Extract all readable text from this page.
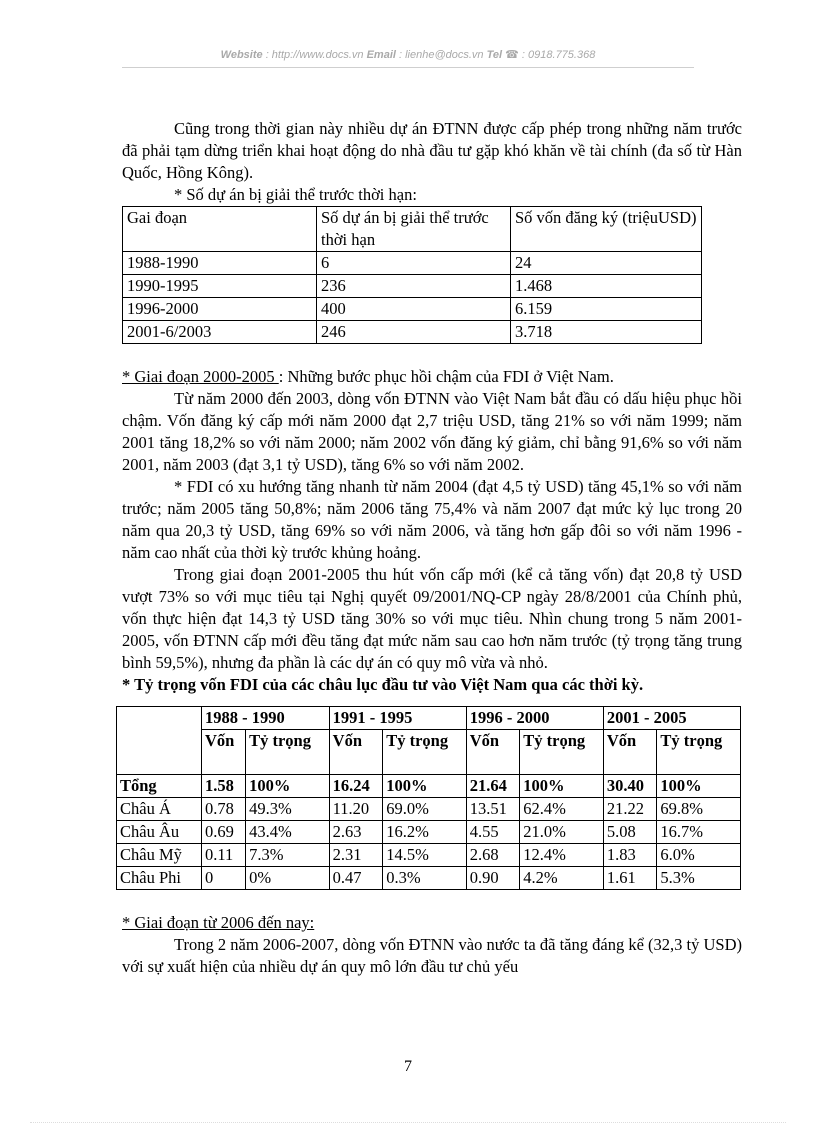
Website : http://www.docs.vn Email : lienhe@docs.vn Tel ☎ : 0918.775.368

Cũng trong thời gian này nhiều dự án ĐTNN được cấp phép trong những năm trước đã phải tạm dừng triển khai hoạt động do nhà đầu tư gặp khó khăn về tài chính (đa số từ Hàn Quốc, Hồng Kông).

* Số dự án bị giải thể trước thời hạn:

Gai đoạn	Số dự án bị giải thể trước thời hạn	Số vốn đăng ký (triệuUSD)
1988-1990	6	24
1990-1995	236	1.468
1996-2000	400	6.159
2001-6/2003	246	3.718

* Giai đoạn 2000-2005 : Những bước phục hồi chậm của FDI ở Việt Nam.

Từ năm 2000 đến 2003, dòng vốn ĐTNN vào Việt Nam bắt đầu có dấu hiệu phục hồi chậm. Vốn đăng ký cấp mới năm 2000 đạt 2,7 triệu USD, tăng 21% so với năm 1999; năm 2001 tăng 18,2% so với năm 2000; năm 2002 vốn đăng ký giảm, chỉ bằng 91,6% so với năm 2001, năm 2003 (đạt 3,1 tỷ USD), tăng 6% so với năm 2002.

* FDI có xu hướng tăng nhanh từ năm 2004 (đạt 4,5 tỷ USD) tăng 45,1% so với năm trước; năm 2005 tăng 50,8%; năm 2006 tăng 75,4% và năm 2007 đạt mức kỷ lục trong 20 năm qua 20,3 tỷ USD, tăng 69% so với năm 2006, và tăng hơn gấp đôi so với năm 1996 - năm cao nhất của thời kỳ trước khủng hoảng.

Trong giai đoạn 2001-2005 thu hút vốn cấp mới (kể cả tăng vốn) đạt 20,8 tỷ USD vượt 73% so với mục tiêu tại Nghị quyết 09/2001/NQ-CP ngày 28/8/2001 của Chính phủ, vốn thực hiện đạt 14,3 tỷ USD tăng 30% so với mục tiêu. Nhìn chung trong 5 năm 2001-2005, vốn ĐTNN cấp mới đều tăng đạt mức năm sau cao hơn năm trước (tỷ trọng tăng trung bình 59,5%), nhưng đa phần là các dự án có quy mô vừa và nhỏ.

* Tỷ trọng vốn FDI của các châu lục đầu tư vào Việt Nam qua các thời kỳ.

	1988 - 1990		1991 - 1995		1996 - 2000		2001 - 2005	
	Vốn	Tỷ trọng	Vốn	Tỷ trọng	Vốn	Tỷ trọng	Vốn	Tỷ trọng
Tổng	1.58	100%	16.24	100%	21.64	100%	30.40	100%
Châu Á	0.78	49.3%	11.20	69.0%	13.51	62.4%	21.22	69.8%
Châu Âu	0.69	43.4%	2.63	16.2%	4.55	21.0%	5.08	16.7%
Châu Mỹ	0.11	7.3%	2.31	14.5%	2.68	12.4%	1.83	6.0%
Châu Phi	0	0%	0.47	0.3%	0.90	4.2%	1.61	5.3%

* Giai đoạn từ 2006 đến nay:

Trong 2 năm 2006-2007, dòng vốn ĐTNN vào nước ta đã tăng đáng kể (32,3 tỷ USD) với sự xuất hiện của nhiều dự án quy mô lớn đầu tư chủ yếu

7
